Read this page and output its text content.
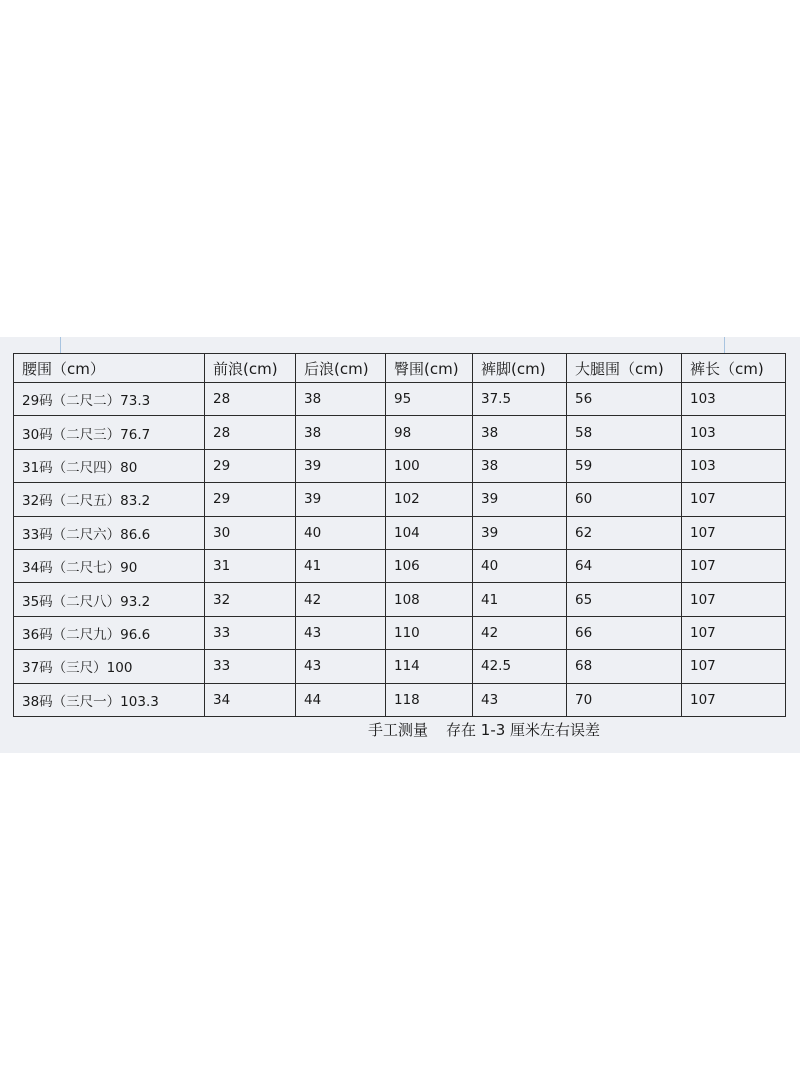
腰围（cm）	前浪(cm)	后浪(cm)	臀围(cm)	裤脚(cm)	大腿围（cm)	裤长（cm)
29码（二尺二）73.3	28	38	95	37.5	56	103
30码（二尺三）76.7	28	38	98	38	58	103
31码（二尺四）80	29	39	100	38	59	103
32码（二尺五）83.2	29	39	102	39	60	107
33码（二尺六）86.6	30	40	104	39	62	107
34码（二尺七）90	31	41	106	40	64	107
35码（二尺八）93.2	32	42	108	41	65	107
36码（二尺九）96.6	33	43	110	42	66	107
37码（三尺）100	33	43	114	42.5	68	107
38码（三尺一）103.3	34	44	118	43	70	107
手工测量 存在 1-3 厘米左右误差
